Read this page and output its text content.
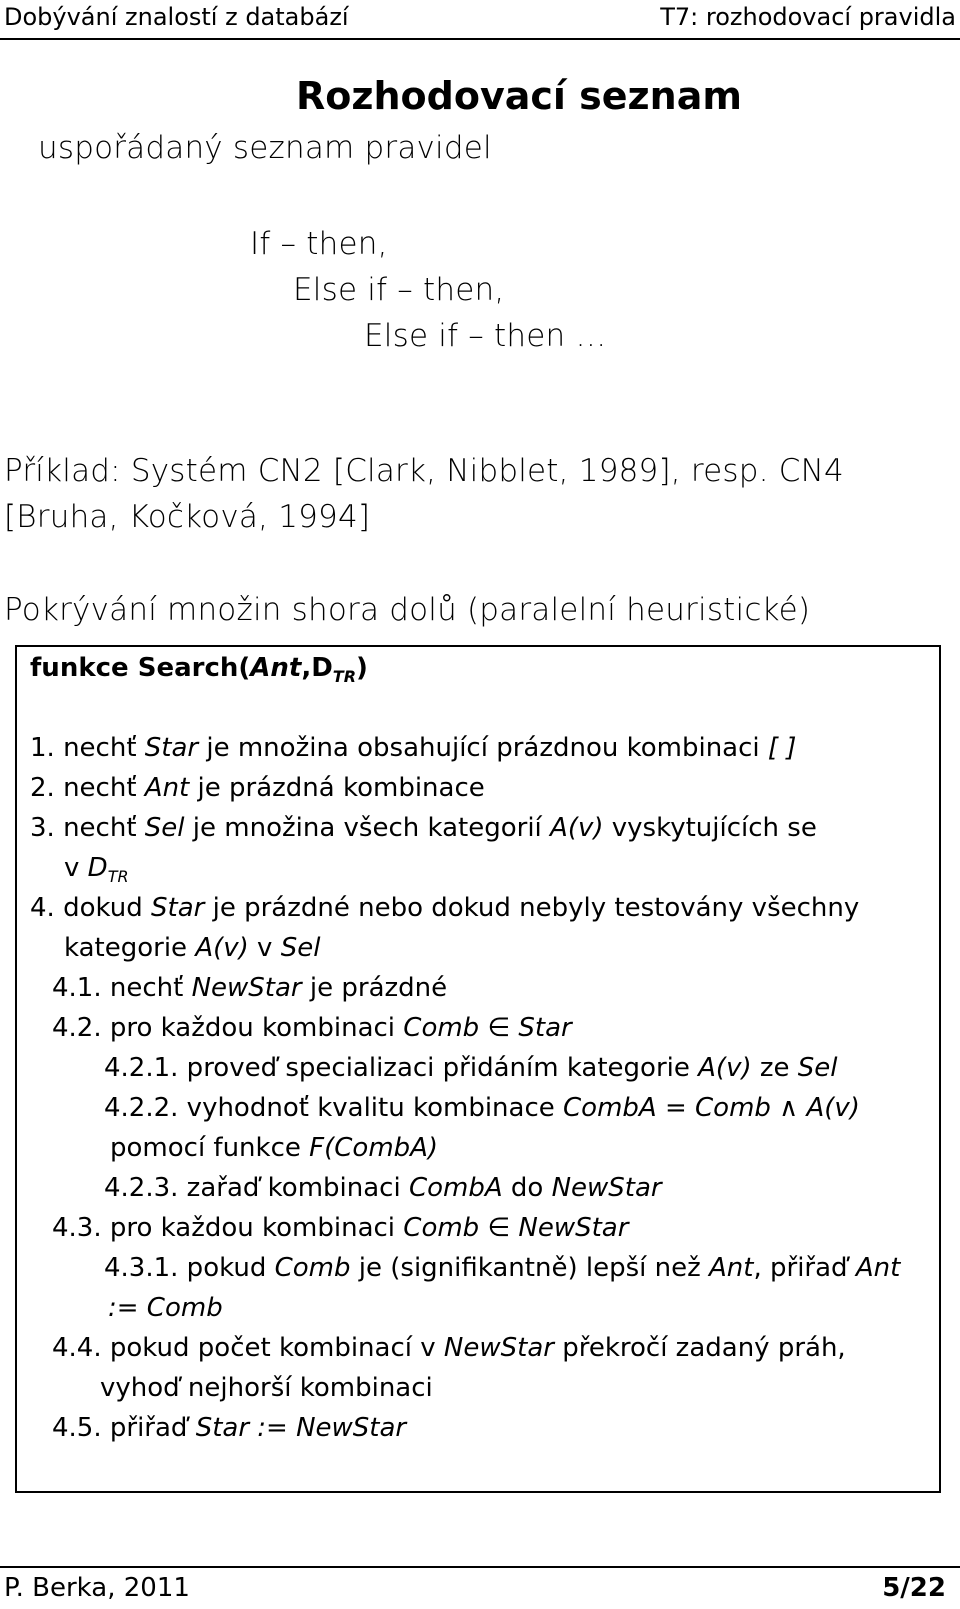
Dobývání znalostí z databází	T7: rozhodovací pravidla
Rozhodovací seznam
uspořádaný seznam pravidel
If – then,
Else if – then,
Else if – then …
Příklad: Systém CN2 [Clark, Nibblet, 1989], resp. CN4
[Bruha, Kočková, 1994]
Pokrývání množin shora dolů (paralelní heuristické)
funkce $Search(Ant,D_{TR})$
1. nechť Star je množina obsahující prázdnou kombinaci [ ]
2. nechť Ant je prázdná kombinace
3. nechť Sel je množina všech kategorií A(v) vyskytujících se
v $D_{TR}$
4. dokud Star je prázdné nebo dokud nebyly testovány všechny
kategorie A(v) v Sel
4.1. nechť NewStar je prázdné
4.2. pro každou kombinaci Comb ∈ Star
4.2.1. proveď specializaci přidáním kategorie A(v) ze Sel
4.2.2. vyhodnoť kvalitu kombinace CombA = Comb ∧ A(v)
pomocí funkce F(CombA)
4.2.3. zařaď kombinaci CombA do NewStar
4.3. pro každou kombinaci Comb ∈ NewStar
4.3.1. pokud Comb je (signifikantně) lepší než Ant, přiřaď Ant
:= Comb
4.4. pokud počet kombinací v NewStar překročí zadaný práh,
vyhoď nejhorší kombinaci
4.5. přiřaď Star := NewStar
P. Berka, 2011	5/22
